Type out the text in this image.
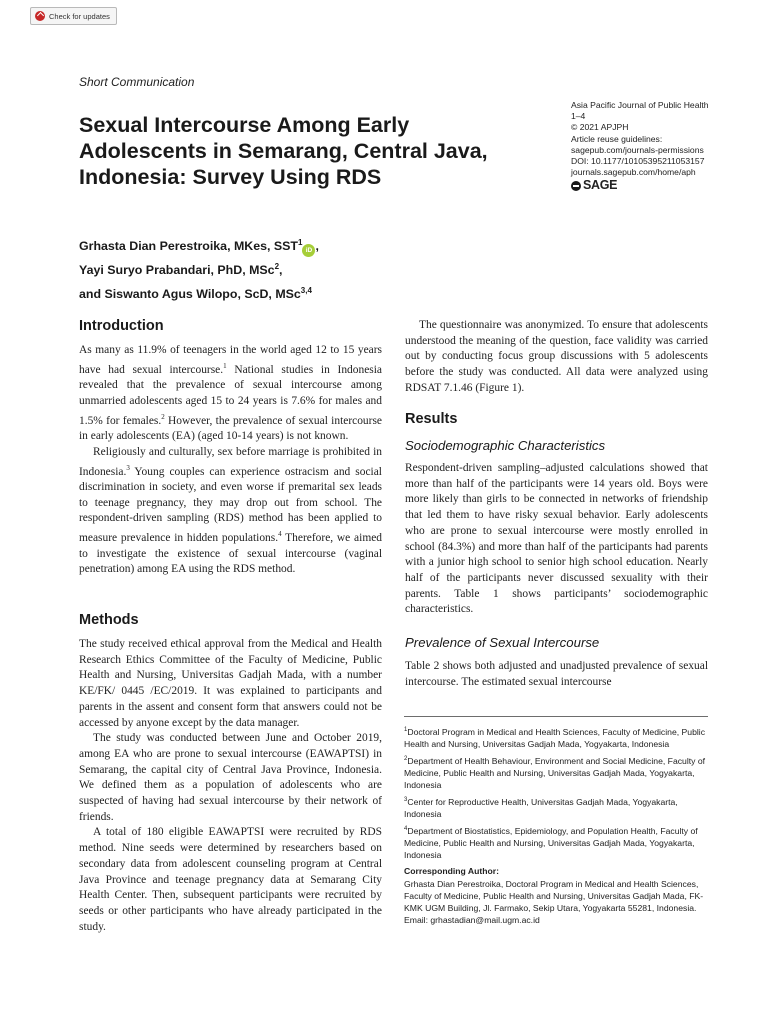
Check for updates
Short Communication
Sexual Intercourse Among Early Adolescents in Semarang, Central Java, Indonesia: Survey Using RDS
Asia Pacific Journal of Public Health
1–4
© 2021 APJPH
Article reuse guidelines:
sagepub.com/journals-permissions
DOI: 10.1177/10105395211053157
journals.sagepub.com/home/aph
SAGE
Grhasta Dian Perestroika, MKes, SST$^1$iD ,
Yayi Suryo Prabandari, PhD, MSc$^2$,
and Siswanto Agus Wilopo, ScD, MSc$^{3,4}$
Introduction

As many as 11.9% of teenagers in the world aged 12 to 15 years have had sexual intercourse.$^1$ National studies in Indonesia revealed that the prevalence of sexual intercourse among unmarried adolescents aged 15 to 24 years is 7.6% for males and 1.5% for females.$^2$ However, the prevalence of sexual intercourse in early adolescents (EA) (aged 10-14 years) is not known.

Religiously and culturally, sex before marriage is prohibited in Indonesia.$^3$ Young couples can experience ostracism and social discrimination in society, and even worse if premarital sex leads to teenage pregnancy, they may drop out from school. The respondent-driven sampling (RDS) method has been applied to measure prevalence in hidden populations.$^4$ Therefore, we aimed to investigate the existence of sexual intercourse (vaginal penetration) among EA using the RDS method.

Methods

The study received ethical approval from the Medical and Health Research Ethics Committee of the Faculty of Medicine, Public Health and Nursing, Universitas Gadjah Mada, with a number KE/FK/ 0445 /EC/2019. It was explained to participants and parents in the assent and consent form that answers could not be accessed by anyone except by the data manager.

The study was conducted between June and October 2019, among EA who are prone to sexual intercourse (EAWAPTSI) in Semarang, the capital city of Central Java Province, Indonesia. We defined them as a population of adolescents who are suspected of having had sexual intercourse by their network of friends.

A total of 180 eligible EAWAPTSI were recruited by RDS method. Nine seeds were determined by researchers based on secondary data from adolescent counseling program at Central Java Province and teenage pregnancy data at Semarang City Health Center. Then, subsequent participants were recruited by seeds or other participants who have already participated in the study.

The questionnaire was anonymized. To ensure that adolescents understood the meaning of the question, face validity was carried out by conducting focus group discussions with 5 adolescents before the study was conducted. All data were analyzed using RDSAT 7.1.46 (Figure 1).

Results
Sociodemographic Characteristics

Respondent-driven sampling–adjusted calculations showed that more than half of the participants were 14 years old. Boys were more likely than girls to be connected in networks of friendship that led them to have risky sexual behavior. Early adolescents who are prone to sexual intercourse were mostly enrolled in school (84.3%) and more than half of the participants had parents with a junior high school to senior high school education. Nearly half of the participants never discussed sexuality with their parents. Table 1 shows participants’ sociodemographic characteristics.

Prevalence of Sexual Intercourse

Table 2 shows both adjusted and unadjusted prevalence of sexual intercourse. The estimated sexual intercourse

$^1$Doctoral Program in Medical and Health Sciences, Faculty of Medicine, Public Health and Nursing, Universitas Gadjah Mada, Yogyakarta, Indonesia
$^2$Department of Health Behaviour, Environment and Social Medicine, Faculty of Medicine, Public Health and Nursing, Universitas Gadjah Mada, Yogyakarta, Indonesia
$^3$Center for Reproductive Health, Universitas Gadjah Mada, Yogyakarta, Indonesia
$^4$Department of Biostatistics, Epidemiology, and Population Health, Faculty of Medicine, Public Health and Nursing, Universitas Gadjah Mada, Yogyakarta, Indonesia
Corresponding Author:
Grhasta Dian Perestroika, Doctoral Program in Medical and Health Sciences, Faculty of Medicine, Public Health and Nursing, Universitas Gadjah Mada, FK-KMK UGM Building, Jl. Farmako, Sekip Utara, Yogyakarta 55281, Indonesia.
Email: grhastadian@mail.ugm.ac.id
